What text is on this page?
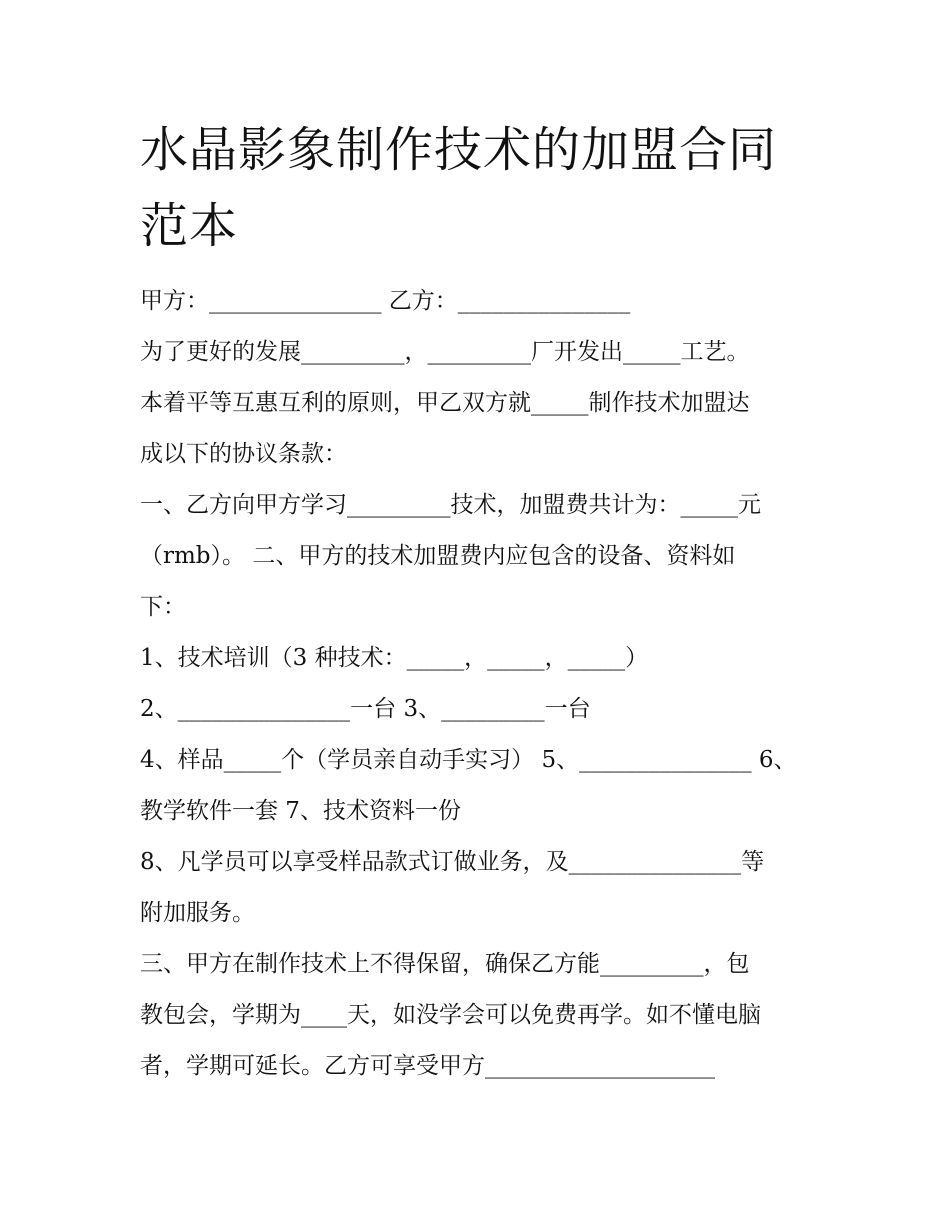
水晶影象制作技术的加盟合同
范本
甲方：_______________ 乙方：_______________
为了更好的发展_________，_________厂开发出_____工艺。
本着平等互惠互利的原则，甲乙双方就_____制作技术加盟达
成以下的协议条款：
一、乙方向甲方学习_________技术，加盟费共计为：_____元
（rmb）。 二、甲方的技术加盟费内应包含的设备、资料如
下：
1、技术培训（3 种技术：_____，_____，_____）
2、_______________一台 3、_________一台
4、样品_____个（学员亲自动手实习） 5、_______________ 6、
教学软件一套 7、技术资料一份
8、凡学员可以享受样品款式订做业务，及_______________等
附加服务。
三、甲方在制作技术上不得保留，确保乙方能_________，包
教包会，学期为____天，如没学会可以免费再学。如不懂电脑
者，学期可延长。乙方可享受甲方____________________
